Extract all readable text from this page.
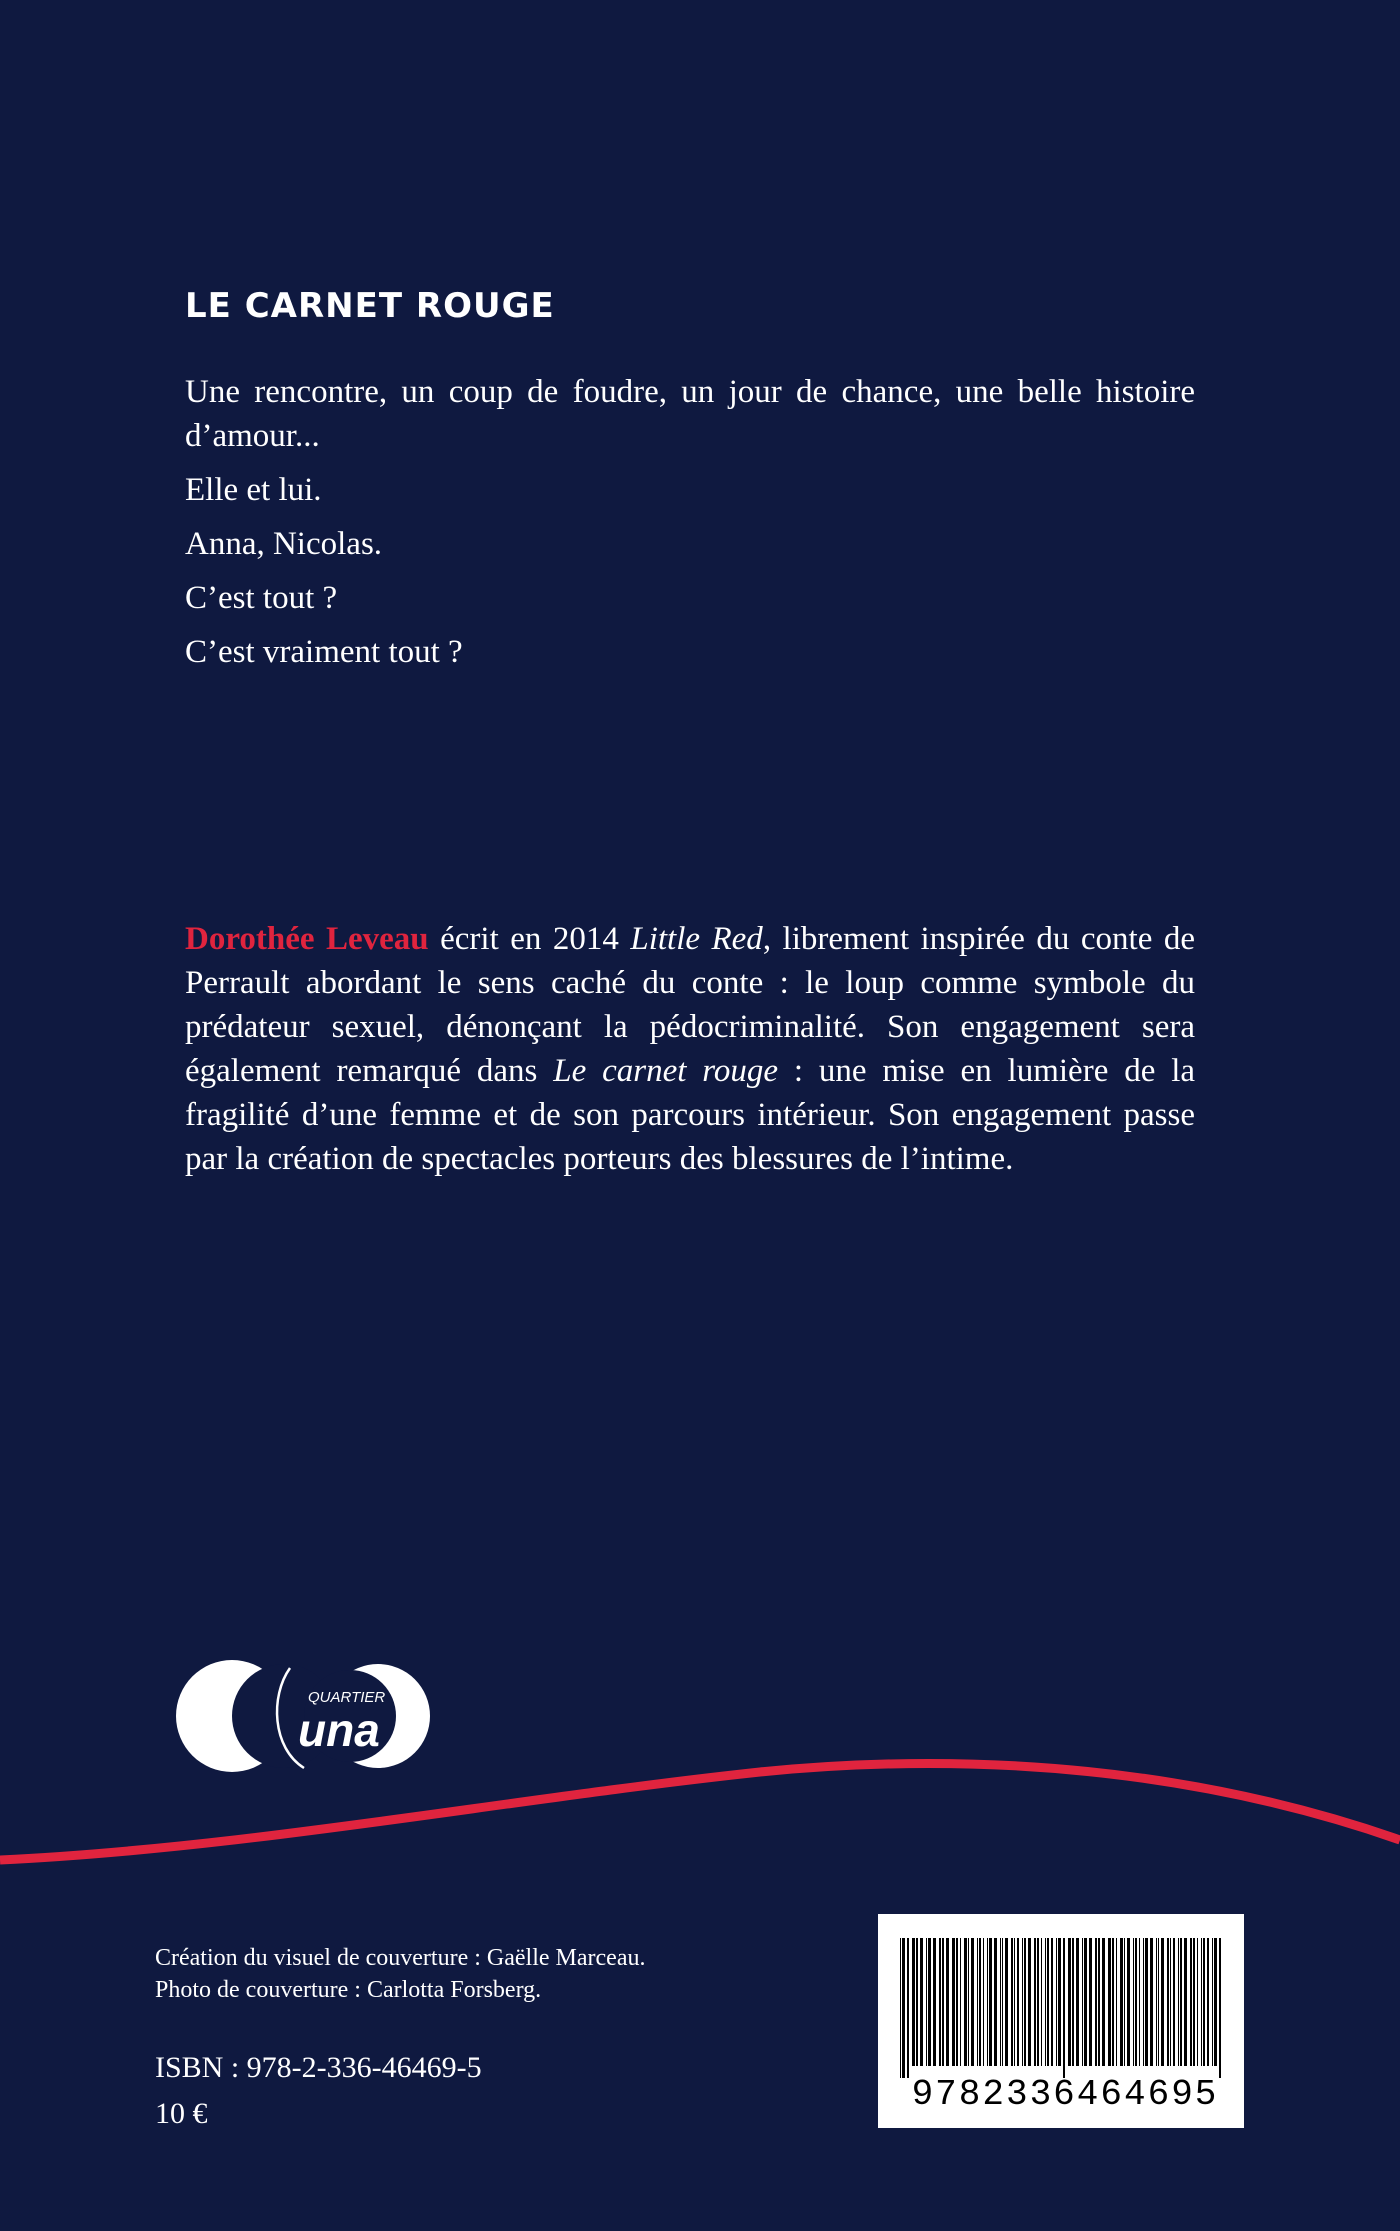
LE CARNET ROUGE

Une rencontre, un coup de foudre, un jour de chance, une belle histoire d’amour...

Elle et lui.

Anna, Nicolas.

C’est tout ?

C’est vraiment tout ?

Dorothée Leveau écrit en 2014 Little Red, librement inspirée du conte de Perrault abordant le sens caché du conte : le loup comme symbole du prédateur sexuel, dénonçant la pédocriminalité. Son engagement sera également remarqué dans Le carnet rouge : une mise en lumière de la fragilité d’une femme et de son parcours intérieur. Son engagement passe par la création de spectacles porteurs des blessures de l’intime.
QUARTIER
una
Création du visuel de couverture : Gaëlle Marceau.
Photo de couverture : Carlotta Forsberg.
ISBN : 978-2-336-46469-5
10 €	9782336464695
